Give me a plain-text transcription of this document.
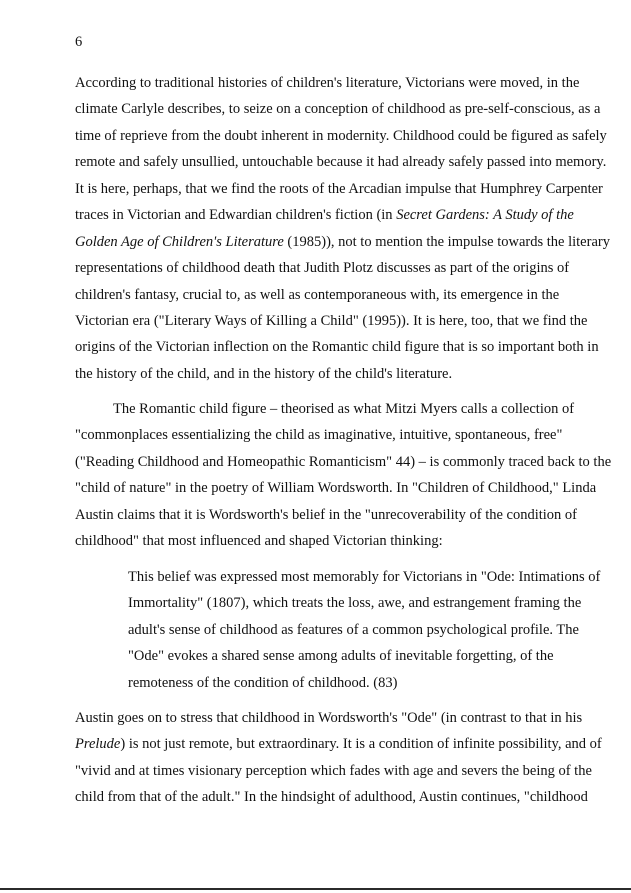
6
According to traditional histories of children's literature, Victorians were moved, in the
climate Carlyle describes, to seize on a conception of childhood as pre-self-conscious, as a
time of reprieve from the doubt inherent in modernity. Childhood could be figured as safely
remote and safely unsullied, untouchable because it had already safely passed into memory.
It is here, perhaps, that we find the roots of the Arcadian impulse that Humphrey Carpenter
traces in Victorian and Edwardian children's fiction (in Secret Gardens: A Study of the
Golden Age of Children's Literature (1985)), not to mention the impulse towards the literary
representations of childhood death that Judith Plotz discusses as part of the origins of
children's fantasy, crucial to, as well as contemporaneous with, its emergence in the
Victorian era ("Literary Ways of Killing a Child" (1995)). It is here, too, that we find the
origins of the Victorian inflection on the Romantic child figure that is so important both in
the history of the child, and in the history of the child's literature.
The Romantic child figure – theorised as what Mitzi Myers calls a collection of
"commonplaces essentializing the child as imaginative, intuitive, spontaneous, free"
("Reading Childhood and Homeopathic Romanticism" 44) – is commonly traced back to the
"child of nature" in the poetry of William Wordsworth. In "Children of Childhood," Linda
Austin claims that it is Wordsworth's belief in the "unrecoverability of the condition of
childhood" that most influenced and shaped Victorian thinking:
This belief was expressed most memorably for Victorians in "Ode: Intimations of
Immortality" (1807), which treats the loss, awe, and estrangement framing the
adult's sense of childhood as features of a common psychological profile. The
"Ode" evokes a shared sense among adults of inevitable forgetting, of the
remoteness of the condition of childhood. (83)
Austin goes on to stress that childhood in Wordsworth's "Ode" (in contrast to that in his
Prelude) is not just remote, but extraordinary. It is a condition of infinite possibility, and of
"vivid and at times visionary perception which fades with age and severs the being of the
child from that of the adult." In the hindsight of adulthood, Austin continues, "childhood
